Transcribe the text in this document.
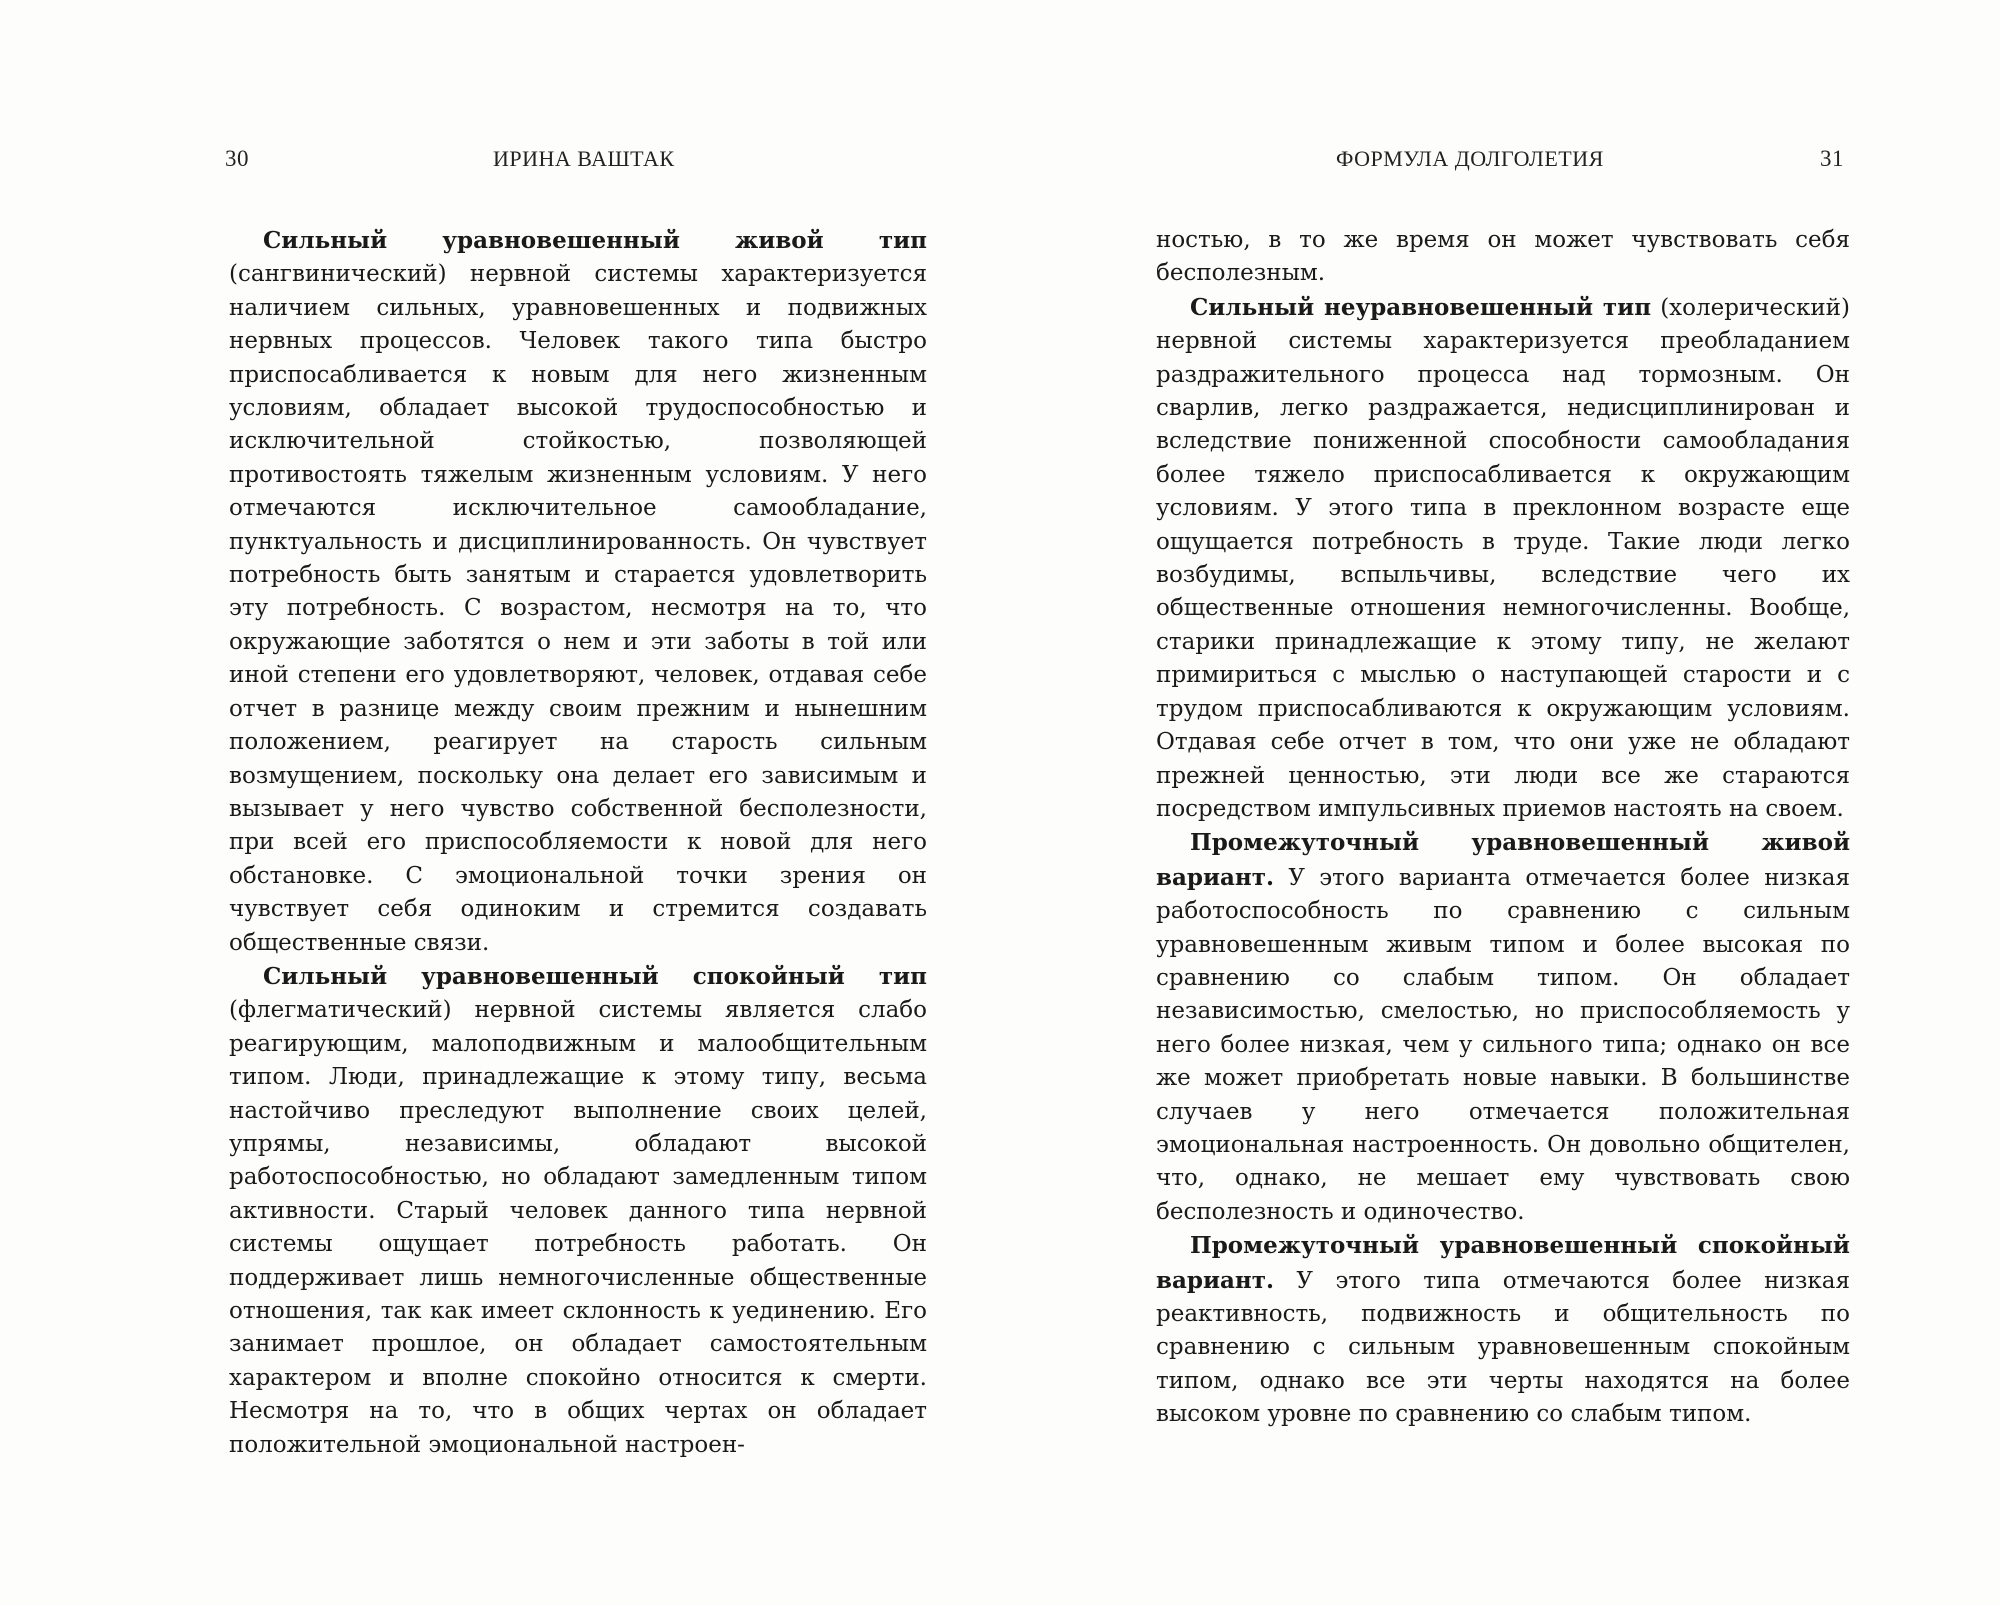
30	ИРИНА ВАШТАК	ФОРМУЛА ДОЛГОЛЕТИЯ	31

Сильный уравновешенный живой тип (сангвинический) нервной системы характеризуется наличием сильных, уравновешенных и подвижных нервных процессов. Человек такого типа быстро приспосабливается к новым для него жизненным условиям, обладает высокой трудоспособностью и исключительной стойкостью, позволяющей противостоять тяжелым жизненным условиям. У него отмечаются исключительное самообладание, пунктуальность и дисциплинированность. Он чувствует потребность быть занятым и старается удовлетворить эту потребность. С возрастом, несмотря на то, что окружающие заботятся о нем и эти заботы в той или иной степени его удовлетворяют, человек, отдавая себе отчет в разнице между своим прежним и нынешним положением, реагирует на старость сильным возмущением, поскольку она делает его зависимым и вызывает у него чувство собственной бесполезности, при всей его приспособляемости к новой для него обстановке. С эмоциональной точки зрения он чувствует себя одиноким и стремится создавать общественные связи.

Сильный уравновешенный спокойный тип (флегматический) нервной системы является слабо реагирующим, малоподвижным и малообщительным типом. Люди, принадлежащие к этому типу, весьма настойчиво преследуют выполнение своих целей, упрямы, независимы, обладают высокой работоспособностью, но обладают замедленным типом активности. Старый человек данного типа нервной системы ощущает потребность работать. Он поддерживает лишь немногочисленные общественные отношения, так как имеет склонность к уединению. Его занимает прошлое, он обладает самостоятельным характером и вполне спокойно относится к смерти. Несмотря на то, что в общих чертах он обладает положительной эмоциональной настроен-

ностью, в то же время он может чувствовать себя бесполезным.

Сильный неуравновешенный тип (холерический) нервной системы характеризуется преобладанием раздражительного процесса над тормозным. Он сварлив, легко раздражается, недисциплинирован и вследствие пониженной способности самообладания более тяжело приспосабливается к окружающим условиям. У этого типа в преклонном возрасте еще ощущается потребность в труде. Такие люди легко возбудимы, вспыльчивы, вследствие чего их общественные отношения немногочисленны. Вообще, старики принадлежащие к этому типу, не желают примириться с мыслью о наступающей старости и с трудом приспосабливаются к окружающим условиям. Отдавая себе отчет в том, что они уже не обладают прежней ценностью, эти люди все же стараются посредством импульсивных приемов настоять на своем.

Промежуточный уравновешенный живой вариант. У этого варианта отмечается более низкая работоспособность по сравнению с сильным уравновешенным живым типом и более высокая по сравнению со слабым типом. Он обладает независимостью, смелостью, но приспособляемость у него более низкая, чем у сильного типа; однако он все же может приобретать новые навыки. В большинстве случаев у него отмечается положительная эмоциональная настроенность. Он довольно общителен, что, однако, не мешает ему чувствовать свою бесполезность и одиночество.

Промежуточный уравновешенный спокойный вариант. У этого типа отмечаются более низкая реактивность, подвижность и общительность по сравнению с сильным уравновешенным спокойным типом, однако все эти черты находятся на более высоком уровне по сравнению со слабым типом.
